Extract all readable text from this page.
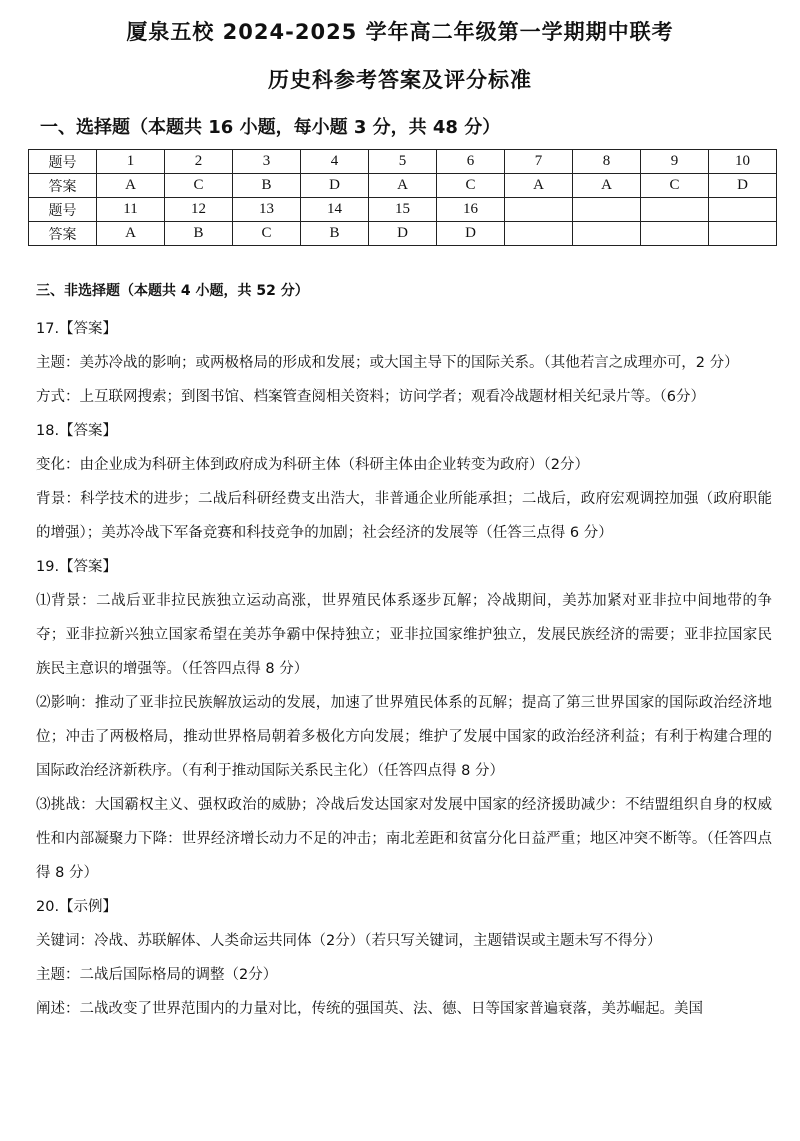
厦泉五校 2024-2025 学年高二年级第一学期期中联考
历史科参考答案及评分标准
一、选择题（本题共 16 小题，每小题 3 分，共 48 分）
题号	1	2	3	4	5	6	7	8	9	10
答案	A	C	B	D	A	C	A	A	C	D
题号	11	12	13	14	15	16				
答案	A	B	C	B	D	D				
三、非选择题（本题共 4 小题，共 52 分）

17.【答案】

主题：美苏冷战的影响；或两极格局的形成和发展；或大国主导下的国际关系。（其他若言之成理亦可，2 分）

方式：上互联网搜索；到图书馆、档案管查阅相关资料；访问学者；观看冷战题材相关纪录片等。（6分）

18.【答案】

变化：由企业成为科研主体到政府成为科研主体（科研主体由企业转变为政府）（2分）

背景：科学技术的进步；二战后科研经费支出浩大，非普通企业所能承担；二战后，政府宏观调控加强（政府职能的增强）；美苏冷战下军备竞赛和科技竞争的加剧；社会经济的发展等（任答三点得 6 分）

19.【答案】

⑴背景：二战后亚非拉民族独立运动高涨，世界殖民体系逐步瓦解；冷战期间，美苏加紧对亚非拉中间地带的争夺；亚非拉新兴独立国家希望在美苏争霸中保持独立；亚非拉国家维护独立，发展民族经济的需要；亚非拉国家民族民主意识的增强等。（任答四点得 8 分）

⑵影响：推动了亚非拉民族解放运动的发展，加速了世界殖民体系的瓦解；提高了第三世界国家的国际政治经济地位；冲击了两极格局，推动世界格局朝着多极化方向发展；维护了发展中国家的政治经济利益；有利于构建合理的国际政治经济新秩序。（有利于推动国际关系民主化）（任答四点得 8 分）

⑶挑战：大国霸权主义、强权政治的威胁；冷战后发达国家对发展中国家的经济援助减少：不结盟组织自身的权威性和内部凝聚力下降：世界经济增长动力不足的冲击；南北差距和贫富分化日益严重；地区冲突不断等。（任答四点得 8 分）

20.【示例】

关键词：冷战、苏联解体、人类命运共同体（2分）（若只写关键词，主题错误或主题未写不得分）

主题：二战后国际格局的调整（2分）

阐述：二战改变了世界范围内的力量对比，传统的强国英、法、德、日等国家普遍衰落，美苏崛起。美国
